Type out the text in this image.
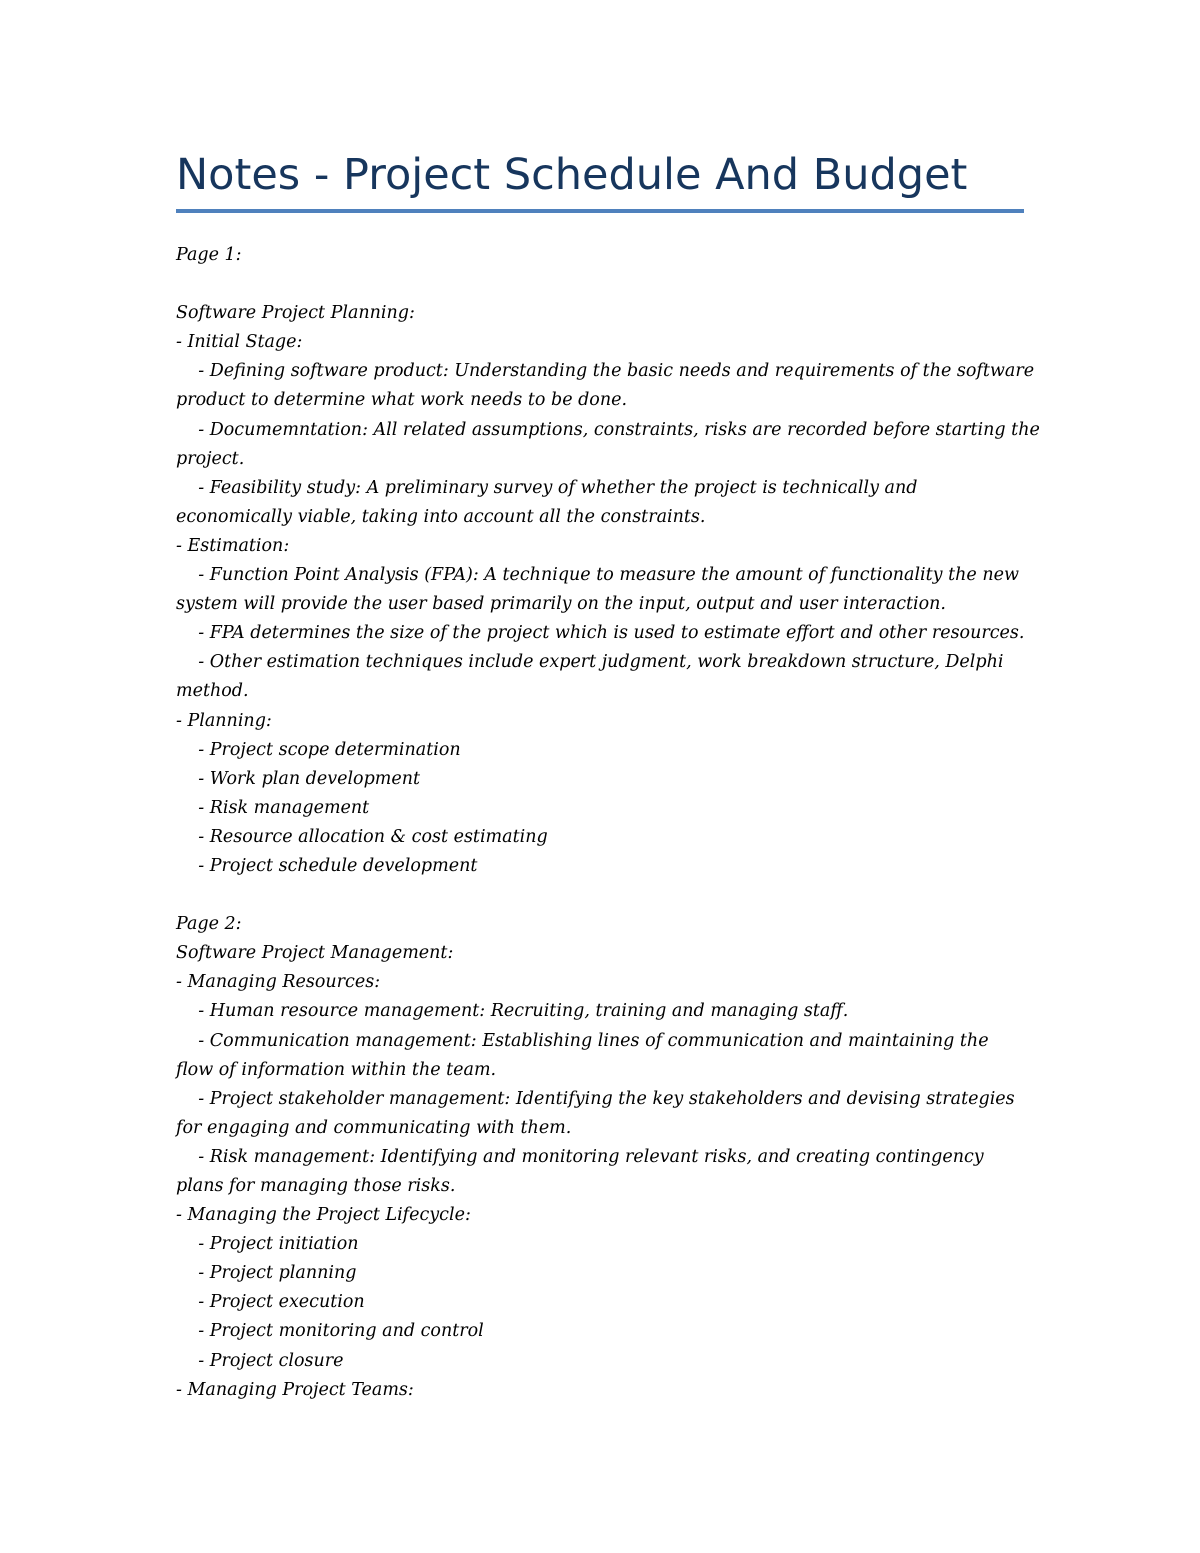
Notes - Project Schedule And Budget
Page 1:
Software Project Planning:
- Initial Stage:
- Defining software product: Understanding the basic needs and requirements of the software
product to determine what work needs to be done.
- Documemntation: All related assumptions, constraints, risks are recorded before starting the
project.
- Feasibility study: A preliminary survey of whether the project is technically and
economically viable, taking into account all the constraints.
- Estimation:
- Function Point Analysis (FPA): A technique to measure the amount of functionality the new
system will provide the user based primarily on the input, output and user interaction.
- FPA determines the size of the project which is used to estimate effort and other resources.
- Other estimation techniques include expert judgment, work breakdown structure, Delphi
method.
- Planning:
- Project scope determination
- Work plan development
- Risk management
- Resource allocation & cost estimating
- Project schedule development
Page 2:
Software Project Management:
- Managing Resources:
- Human resource management: Recruiting, training and managing staff.
- Communication management: Establishing lines of communication and maintaining the
flow of information within the team.
- Project stakeholder management: Identifying the key stakeholders and devising strategies
for engaging and communicating with them.
- Risk management: Identifying and monitoring relevant risks, and creating contingency
plans for managing those risks.
- Managing the Project Lifecycle:
- Project initiation
- Project planning
- Project execution
- Project monitoring and control
- Project closure
- Managing Project Teams:
